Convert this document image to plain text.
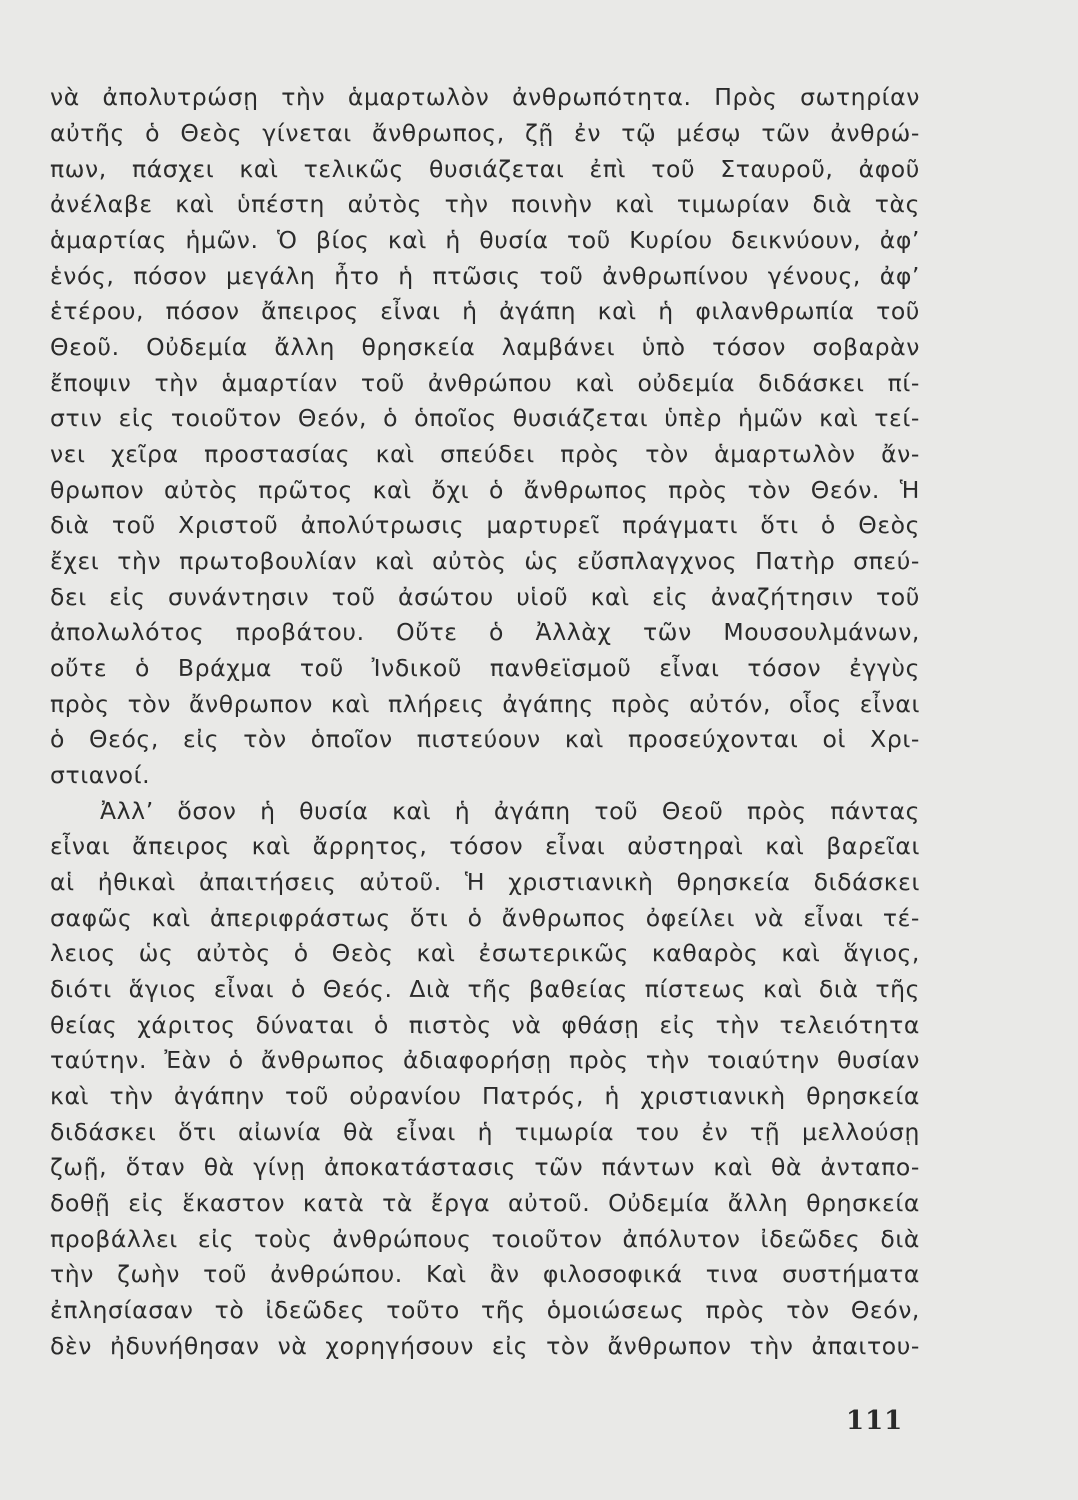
νὰ ἀπολυτρώσῃ τὴν ἁμαρτωλὸν ἀνθρωπότητα. Πρὸς σωτηρίαν
αὐτῆς ὁ Θεὸς γίνεται ἄνθρωπος, ζῇ ἐν τῷ μέσῳ τῶν ἀνθρώ-
πων, πάσχει καὶ τελικῶς θυσιάζεται ἐπὶ τοῦ Σταυροῦ, ἀφοῦ
ἀνέλαβε καὶ ὑπέστη αὐτὸς τὴν ποινὴν καὶ τιμωρίαν διὰ τὰς
ἁμαρτίας ἡμῶν. Ὁ βίος καὶ ἡ θυσία τοῦ Κυρίου δεικνύουν, ἀφ’
ἑνός, πόσον μεγάλη ἦτο ἡ πτῶσις τοῦ ἀνθρωπίνου γένους, ἀφ’
ἑτέρου, πόσον ἄπειρος εἶναι ἡ ἀγάπη καὶ ἡ φιλανθρωπία τοῦ
Θεοῦ. Οὐδεμία ἄλλη θρησκεία λαμβάνει ὑπὸ τόσον σοβαρὰν
ἔποψιν τὴν ἁμαρτίαν τοῦ ἀνθρώπου καὶ οὐδεμία διδάσκει πί-
στιν εἰς τοιοῦτον Θεόν, ὁ ὁποῖος θυσιάζεται ὑπὲρ ἡμῶν καὶ τεί-
νει χεῖρα προστασίας καὶ σπεύδει πρὸς τὸν ἁμαρτωλὸν ἄν-
θρωπον αὐτὸς πρῶτος καὶ ὄχι ὁ ἄνθρωπος πρὸς τὸν Θεόν. Ἡ
διὰ τοῦ Χριστοῦ ἀπολύτρωσις μαρτυρεῖ πράγματι ὅτι ὁ Θεὸς
ἔχει τὴν πρωτοβουλίαν καὶ αὐτὸς ὡς εὔσπλαγχνος Πατὴρ σπεύ-
δει εἰς συνάντησιν τοῦ ἀσώτου υἱοῦ καὶ εἰς ἀναζήτησιν τοῦ
ἀπολωλότος προβάτου. Οὔτε ὁ Ἀλλὰχ τῶν Μουσουλμάνων,
οὔτε ὁ Βράχμα τοῦ Ἰνδικοῦ πανθεϊσμοῦ εἶναι τόσον ἐγγὺς
πρὸς τὸν ἄνθρωπον καὶ πλήρεις ἀγάπης πρὸς αὐτόν, οἷος εἶναι
ὁ Θεός, εἰς τὸν ὁποῖον πιστεύουν καὶ προσεύχονται οἱ Χρι-
στιανοί.
Ἀλλ’ ὅσον ἡ θυσία καὶ ἡ ἀγάπη τοῦ Θεοῦ πρὸς πάντας
εἶναι ἄπειρος καὶ ἄρρητος, τόσον εἶναι αὐστηραὶ καὶ βαρεῖαι
αἱ ἠθικαὶ ἀπαιτήσεις αὐτοῦ. Ἡ χριστιανικὴ θρησκεία διδάσκει
σαφῶς καὶ ἀπεριφράστως ὅτι ὁ ἄνθρωπος ὀφείλει νὰ εἶναι τέ-
λειος ὡς αὐτὸς ὁ Θεὸς καὶ ἐσωτερικῶς καθαρὸς καὶ ἅγιος,
διότι ἅγιος εἶναι ὁ Θεός. Διὰ τῆς βαθείας πίστεως καὶ διὰ τῆς
θείας χάριτος δύναται ὁ πιστὸς νὰ φθάσῃ εἰς τὴν τελειότητα
ταύτην. Ἐὰν ὁ ἄνθρωπος ἀδιαφορήσῃ πρὸς τὴν τοιαύτην θυσίαν
καὶ τὴν ἀγάπην τοῦ οὐρανίου Πατρός, ἡ χριστιανικὴ θρησκεία
διδάσκει ὅτι αἰωνία θὰ εἶναι ἡ τιμωρία του ἐν τῇ μελλούσῃ
ζωῇ, ὅταν θὰ γίνῃ ἀποκατάστασις τῶν πάντων καὶ θὰ ἀνταπο-
δοθῇ εἰς ἕκαστον κατὰ τὰ ἔργα αὐτοῦ. Οὐδεμία ἄλλη θρησκεία
προβάλλει εἰς τοὺς ἀνθρώπους τοιοῦτον ἀπόλυτον ἰδεῶδες διὰ
τὴν ζωὴν τοῦ ἀνθρώπου. Καὶ ἂν φιλοσοφικά τινα συστήματα
ἐπλησίασαν τὸ ἰδεῶδες τοῦτο τῆς ὁμοιώσεως πρὸς τὸν Θεόν,
δὲν ἠδυνήθησαν νὰ χορηγήσουν εἰς τὸν ἄνθρωπον τὴν ἀπαιτου-
111
